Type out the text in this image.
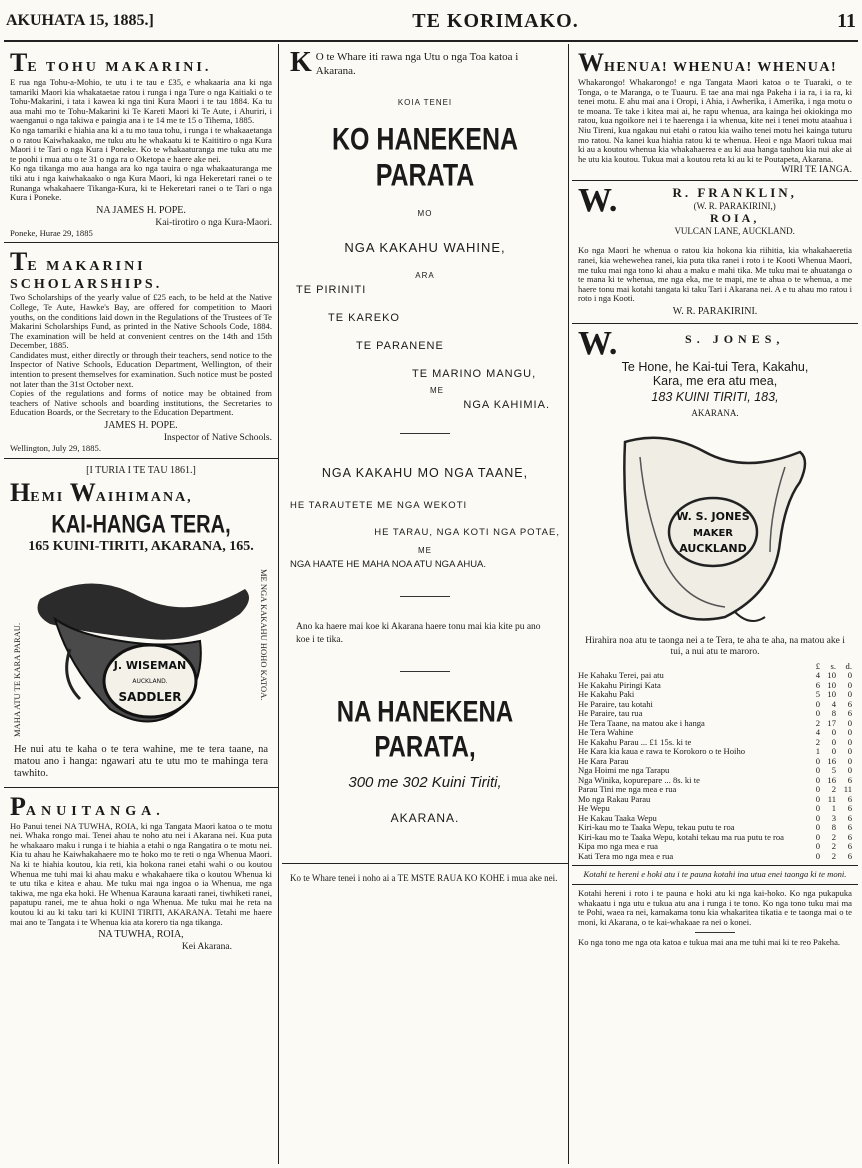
AKUHATA 15, 1885.]	TE KORIMAKO.	11
TE TOHU MAKARINI.

E rua nga Tohu-a-Mohio, te utu i te tau e £35, e whakaaria ana ki nga tamariki Maori kia whakataetae ratou i runga i nga Ture o nga Kaitiaki o te Tohu-Makarini, i tata i kawea ki nga tini Kura Maori i te tau 1884. Ka tu aua mahi mo te Tohu-Makarini ki Te Kareti Maori ki Te Aute, i Ahuriri, i waenganui o nga takiwa e paingia ana i te 14 me te 15 o Tihema, 1885.

Ko nga tamariki e hiahia ana ki a tu mo taua tohu, i runga i te whakaaetanga o o ratou Kaiwhakaako, me tuku atu he whakaatu ki te Kaititiro o nga Kura Maori i te Tari o nga Kura i Poneke. Ko te whakaaturanga me tuku atu me te poohi i mua atu o te 31 o nga ra o Oketopa e haere ake nei.

Ko nga tikanga mo aua hanga ara ko nga tauira o nga whakaaturanga me tiki atu i nga kaiwhakaako o nga Kura Maori, ki nga Hekeretari ranei o te Runanga whakahaere Tikanga-Kura, ki te Hekeretari ranei o te Tari o nga Kura i Poneke.

NA JAMES H. POPE.

Kai-tirotiro o nga Kura-Maori.

Poneke, Hurae 29, 1885

TE MAKARINI SCHOLARSHIPS.

Two Scholarships of the yearly value of £25 each, to be held at the Native College, Te Aute, Hawke's Bay, are offered for competition to Maori youths, on the conditions laid down in the Regulations of the Trustees of Te Makarini Scholarships Fund, as printed in the Native Schools Code, 1884. The examination will be held at convenient centres on the 14th and 15th December, 1885.

Candidates must, either directly or through their teachers, send notice to the Inspector of Native Schools, Education Department, Wellington, of their intention to present themselves for examination. Such notice must be posted not later than the 31st October next.

Copies of the regulations and forms of notice may be obtained from teachers of Native schools and boarding institutions, the Secretaries to Education Boards, or the Secretary to the Education Department.

JAMES H. POPE.

Inspector of Native Schools.

Wellington, July 29, 1885.

[I TURIA I TE TAU 1861.]

HEMI WAIHIMANA,
KAI-HANGA TERA,
165 KUINI-TIRITI, AKARANA, 165.
MAHA ATU TE KARA PARAU.	ME NGA KAKAHU HOHO KATOA.
J. WISEMAN
AUCKLAND.
SADDLER

He nui atu te kaha o te tera wahine, me te tera taane, na matou ano i hanga: ngawari atu te utu mo te mahinga tera tawhito.

PANUITANGA.

Ho Panui tenei NA TUWHA, ROIA, ki nga Tangata Maori katoa o te motu nei. Whaka rongo mai. Tenei ahau te noho atu nei i Akarana nei. Kua puta he whakaaro maku i runga i te hiahia a etahi o nga Rangatira o te motu nei. Kia tu ahau he Kaiwhakahaere mo te hoko mo te reti o nga Whenua Maori. Na ki te hiahia koutou, kia reti, kia hokona ranei etahi wahi o ou koutou Whenua me tuhi mai ki ahau maku e whakahaere tika o koutou Whenua ki te utu tika e kitea e ahau. Me tuku mai nga ingoa o ia Whenua, me nga takiwa, me nga eka hoki. He Whenua Karauna karaati ranei, tiwhiketi ranei, papatupu ranei, me te ahua hoki o nga Whenua. Me tuku mai he reta na koutou ki au ki taku tari ki KUINI TIRITI, AKARANA. Tetahi me haere mai ano te Tangata i te Whenua kia ata korero tia nga tikanga.

NA TUWHA, ROIA,

Kei Akarana.

K O te Whare iti rawa nga Utu o nga Toa katoa i Akarana.
KOIA TENEI
KO HANEKENA PARATA
MO
NGA KAKAHU WAHINE,
ARA
TE PIRINITI
TE KAREKO
TE PARANENE
TE MARINO MANGU,
ME
NGA KAHIMIA.
NGA KAKAHU MO NGA TAANE,
HE TARAUTETE ME NGA WEKOTI
HE TARAU, NGA KOTI NGA POTAE,
ME
NGA HAATE HE MAHA NOA ATU NGA AHUA.

Ano ka haere mai koe ki Akarana haere tonu mai kia kite pu ano koe i te tika.

NA HANEKENA PARATA,
300 me 302 Kuini Tiriti,
AKARANA.

Ko te Whare tenei i noho ai a TE MSTE RAUA KO KOHE i mua ake nei.

WHENUA! WHENUA! WHENUA!

Whakarongo! Whakarongo! e nga Tangata Maori katoa o te Tuaraki, o te Tonga, o te Maranga, o te Tuauru. E tae ana mai nga Pakeha i ia ra, i ia ra, ki tenei motu. E ahu mai ana i Oropi, i Ahia, i Awherika, i Amerika, i nga motu o te moana. Te take i kitea mai ai, he rapu whenua, ara kainga hei okiokinga mo ratou, kua ngoikore nei i te haerenga i ia whenua, kite nei i tenei motu ataahua i Niu Tireni, kua ngakau nui etahi o ratou kia waiho tenei motu hei kainga tuturu mo ratou. Na kanei kua hiahia ratou ki te whenua. Heoi e nga Maori tukua mai ki au a koutou whenua kia whakahaerea e au ki aua hanga tauhou kia nui ake ai he utu kia koutou. Tukua mai a koutou reta ki au ki te Poutapeta, Akarana.

WIRI TE IANGA.

W.	R. FRANKLIN,
(W. R. PARAKIRINI,)
ROIA,
VULCAN LANE, AUCKLAND.

Ko nga Maori he whenua o ratou kia hokona kia riihitia, kia whakahaeretia ranei, kia wehewehea ranei, kia puta tika ranei i roto i te Kooti Whenua Maori, me tuku mai nga tono ki ahau a maku e mahi tika. Me tuku mai te ahuatanga o te mana ki te whenua, me nga eka, me te mapi, me te ahua o te whenua, a me haere tonu mai kotahi tangata ki taku Tari i Akarana nei. A e tu ahau mo ratou i roto i nga Kooti.

W. R. PARAKIRINI.

W.	S. JONES,
Te Hone, he Kai-tui Tera, Kakahu,
Kara, me era atu mea,
183 KUINI TIRITI, 183,
AKARANA.
W. S. JONES
MAKER
AUCKLAND

Hirahira noa atu te taonga nei a te Tera, te aha te aha, na matou ake i tui, a nui atu te maroro.

	£	s.	d.
He Kahaku Terei, pai atu	4	10	0
He Kakahu Piringi Kata	6	10	0
He Kakahu Paki	5	10	0
He Paraire, tau kotahi	0	4	6
He Paraire, tau rua	0	8	6
He Tera Taane, na matou ake i hanga	2	17	0
He Tera Wahine	4	0	0
He Kakahu Parau ... £1 15s. ki te	2	0	0
He Kara kia kaua e rawa te Korokoro o te Hoiho	1	0	0
He Kara Parau	0	16	0
Nga Hoimi me nga Tarapu	0	5	0
Nga Winika, kopurepare ... 8s. ki te	0	16	6
Parau Tini me nga mea e rua	0	2	11
Mo nga Rakau Parau	0	11	6
He Wepu	0	1	6
He Kakau Taaka Wepu	0	3	6
Kiri-kau mo te Taaka Wepu, tekau putu te roa	0	8	6
Kiri-kau mo te Taaka Wepu, kotahi tekau ma rua putu te roa	0	2	6
Kipa mo nga mea e rua	0	2	6
Kati Tera mo nga mea e rua	0	2	6

Kotahi te hereni e hoki atu i te pauna kotahi ina utua enei taonga ki te moni.

Kotahi hereni i roto i te pauna e hoki atu ki nga kai-hoko. Ko nga pukapuka whakaatu i nga utu e tukua atu ana i runga i te tono. Ko nga tono tuku mai ma te Pohi, waea ra nei, kamakama tonu kia whakaritea tikatia e te taonga mai o te moni, ki Akarana, o te kai-whakaae ra nei o konei.

Ko nga tono me nga ota katoa e tukua mai ana me tuhi mai ki te reo Pakeha.
